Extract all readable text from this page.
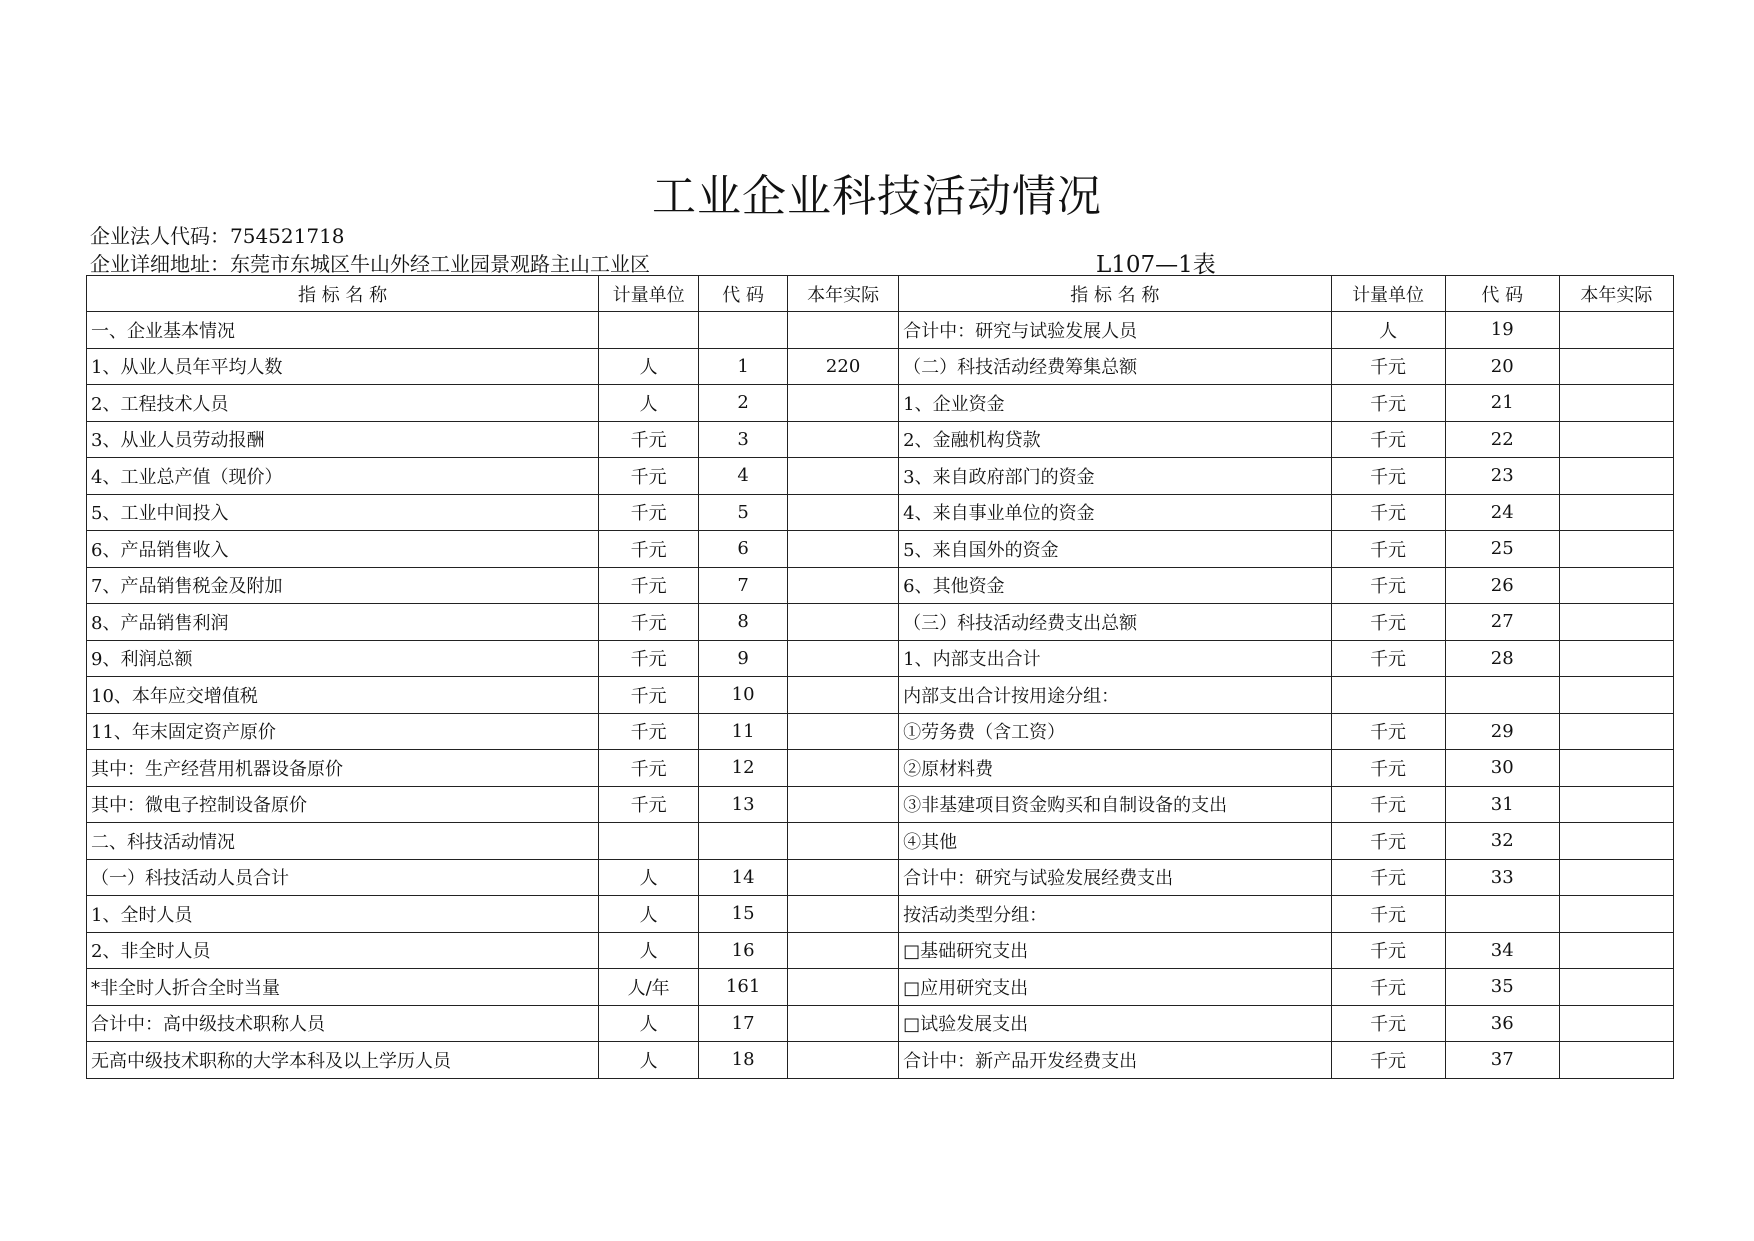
工业企业科技活动情况
企业法人代码：754521718
企业详细地址：东莞市东城区牛山外经工业园景观路主山工业区	L107—1表
指 标 名 称	计量单位	代 码	本年实际	指 标 名 称	计量单位	代 码	本年实际
一、企业基本情况				合计中：研究与试验发展人员	人	19	
1、从业人员年平均人数	人	1	220	（二）科技活动经费筹集总额	千元	20	
2、工程技术人员	人	2		1、企业资金	千元	21	
3、从业人员劳动报酬	千元	3		2、金融机构贷款	千元	22	
4、工业总产值（现价）	千元	4		3、来自政府部门的资金	千元	23	
5、工业中间投入	千元	5		4、来自事业单位的资金	千元	24	
6、产品销售收入	千元	6		5、来自国外的资金	千元	25	
7、产品销售税金及附加	千元	7		6、其他资金	千元	26	
8、产品销售利润	千元	8		（三）科技活动经费支出总额	千元	27	
9、利润总额	千元	9		1、内部支出合计	千元	28	
10、本年应交增值税	千元	10		内部支出合计按用途分组：			
11、年末固定资产原价	千元	11		①劳务费（含工资）	千元	29	
其中：生产经营用机器设备原价	千元	12		②原材料费	千元	30	
其中：微电子控制设备原价	千元	13		③非基建项目资金购买和自制设备的支出	千元	31	
二、科技活动情况				④其他	千元	32	
（一）科技活动人员合计	人	14		合计中：研究与试验发展经费支出	千元	33	
1、全时人员	人	15		按活动类型分组：	千元		
2、非全时人员	人	16		□基础研究支出	千元	34	
*非全时人折合全时当量	人/年	161		□应用研究支出	千元	35	
合计中：高中级技术职称人员	人	17		□试验发展支出	千元	36	
无高中级技术职称的大学本科及以上学历人员	人	18		合计中：新产品开发经费支出	千元	37	
